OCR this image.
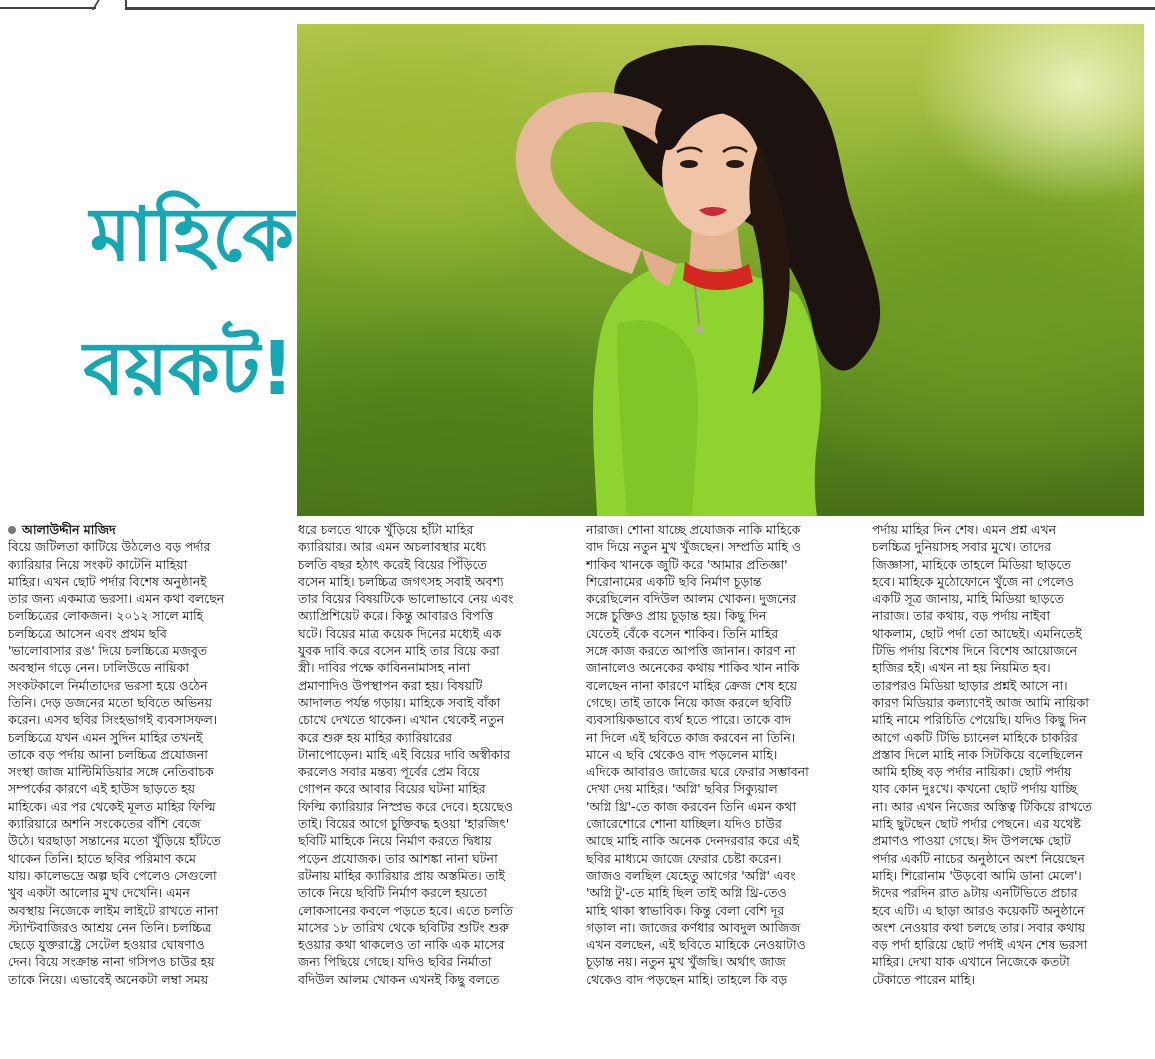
মাহিকে
বয়কট!

আলাউদ্দীন মাজিদ

বিয়ে জটিলতা কাটিয়ে উঠলেও বড় পর্দার

ক্যারিয়ার নিয়ে সংকট কাটেনি মাহিয়া

মাহির। এখন ছোট পর্দার বিশেষ অনুষ্ঠানই

তার জন্য একমাত্র ভরসা। এমন কথা বলছেন

চলচ্চিত্রের লোকজন। ২০১২ সালে মাহি

চলচ্চিত্রে আসেন এবং প্রথম ছবি

'ভালোবাসার রঙ' দিয়ে চলচ্চিত্রে মজবুত

অবস্থান গড়ে নেন। ঢালিউডে নায়িকা

সংকটকালে নির্মাতাদের ভরসা হয়ে ওঠেন

তিনি। দেড় ডজনের মতো ছবিতে অভিনয়

করেন। এসব ছবির সিংহভাগই ব্যবসাসফল।

চলচ্চিত্রে যখন এমন সুদিন মাহির তখনই

তাকে বড় পর্দায় আনা চলচ্চিত্র প্রযোজনা

সংস্থা জাজ মাল্টিমিডিয়ার সঙ্গে নেতিবাচক

সম্পর্কের কারণে এই হাউস ছাড়তে হয়

মাহিকে। এর পর থেকেই মূলত মাহির ফিল্মি

ক্যারিয়ারে অশনি সংকেতের বাঁশি বেজে

উঠে। ঘরছাড়া সন্তানের মতো খুঁড়িয়ে হাঁটতে

থাকেন তিনি। হাতে ছবির পরিমাণ কমে

যায়। কালেভদ্রে অল্প ছবি পেলেও সেগুলো

খুব একটা আলোর মুখ দেখেনি। এমন

অবস্থায় নিজেকে লাইম লাইটে রাখতে নানা

স্ট্যান্টবাজিরও আশ্রয় নেন তিনি। চলচ্চিত্র

ছেড়ে যুক্তরাষ্ট্রে সেটেল হওয়ার ঘোষণাও

দেন। বিয়ে সংক্রান্ত নানা গসিপও চাউর হয়

তাকে নিয়ে। এভাবেই অনেকটা লম্বা সময়

ধরে চলতে থাকে খুঁড়িয়ে হাঁটা মাহির

ক্যারিয়ার। আর এমন অচলাবস্থার মধ্যে

চলতি বছর হঠাৎ করেই বিয়ের পিঁড়িতে

বসেন মাহি। চলচ্চিত্র জগৎসহ সবাই অবশ্য

তার বিয়ের বিষয়টিকে ভালোভাবে নেয় এবং

অ্যাপ্রিশিয়েট করে। কিন্তু আবারও বিপত্তি

ঘটে। বিয়ের মাত্র কয়েক দিনের মধ্যেই এক

যুবক দাবি করে বসেন মাহি তার বিয়ে করা

স্ত্রী। দাবির পক্ষে কাবিননামাসহ নানা

প্রমাণাদিও উপস্থাপন করা হয়। বিষয়টি

আদালত পর্যন্ত গড়ায়। মাহিকে সবাই বাঁকা

চোখে দেখতে থাকেন। এখান থেকেই নতুন

করে শুরু হয় মাহির ক্যারিয়ারের

টানাপোড়েন। মাহি এই বিয়ের দাবি অস্বীকার

করলেও সবার মন্তব্য পূর্বের প্রেম বিয়ে

গোপন করে আবার বিয়ের ঘটনা মাহির

ফিল্মি ক্যারিয়ার নিস্প্রভ করে দেবে। হয়েছেও

তাই। বিয়ের আগে চুক্তিবদ্ধ হওয়া 'হারজিৎ'

ছবিটি মাহিকে নিয়ে নির্মাণ করতে দ্বিধায়

পড়েন প্রযোজক। তার আশঙ্কা নানা ঘটনা

রটনায় মাহির ক্যারিয়ার প্রায় অস্তমিত। তাই

তাকে নিয়ে ছবিটি নির্মাণ করলে হয়তো

লোকসানের কবলে পড়তে হবে। এতে চলতি

মাসের ১৮ তারিখ থেকে ছবিটির শুটিং শুরু

হওয়ার কথা থাকলেও তা নাকি এক মাসের

জন্য পিছিয়ে গেছে। যদিও ছবির নির্মাতা

বদিউল আলম খোকন এখনই কিছু বলতে

নারাজ। শোনা যাচ্ছে প্রযোজক নাকি মাহিকে

বাদ দিয়ে নতুন মুখ খুঁজছেন। সম্প্রতি মাহি ও

শাকিব খানকে জুটি করে 'আমার প্রতিজ্ঞা'

শিরোনামের একটি ছবি নির্মাণ চূড়ান্ত

করেছিলেন বদিউল আলম খোকন। দুজনের

সঙ্গে চুক্তিও প্রায় চূড়ান্ত হয়। কিছু দিন

যেতেই বেঁকে বসেন শাকিব। তিনি মাহির

সঙ্গে কাজ করতে আপত্তি জানান। কারণ না

জানালেও অনেকের কথায় শাকিব খান নাকি

বলেছেন নানা কারণে মাহির ক্রেজ শেষ হয়ে

গেছে। তাই তাকে নিয়ে কাজ করলে ছবিটি

ব্যবসায়িকভাবে ব্যর্থ হতে পারে। তাকে বাদ

না দিলে এই ছবিতে কাজ করবেন না তিনি।

মানে এ ছবি থেকেও বাদ পড়লেন মাহি।

এদিকে আবারও জাজের ঘরে ফেরার সম্ভাবনা

দেখা দেয় মাহির। 'অগ্নি' ছবির সিক্যুয়াল

'অগ্নি থ্রি'-তে কাজ করবেন তিনি এমন কথা

জোরেশোরে শোনা যাচ্ছিল। যদিও চাউর

আছে মাহি নাকি অনেক দেনদরবার করে এই

ছবির মাধ্যমে জাজে ফেরার চেষ্টা করেন।

জাজও বলছিল যেহেতু আগের 'অগ্নি' এবং

'অগ্নি টু'-তে মাহি ছিল তাই অগ্নি থ্রি-তেও

মাহি থাকা স্বাভাবিক। কিন্তু বেলা বেশি দূর

গড়াল না। জাজের কর্ণধার আবদুল আজিজ

এখন বলছেন, এই ছবিতে মাহিকে নেওয়াটাও

চূড়ান্ত নয়। নতুন মুখ খুঁজছি। অর্থাৎ জাজ

থেকেও বাদ পড়ছেন মাহি। তাহলে কি বড়

পর্দায় মাহির দিন শেষ। এমন প্রশ্ন এখন

চলচ্চিত্র দুনিয়াসহ সবার মুখে। তাদের

জিজ্ঞাসা, মাহিকে তাহলে মিডিয়া ছাড়তে

হবে। মাহিকে মুঠোফোনে খুঁজে না পেলেও

একটি সূত্র জানায়, মাহি মিডিয়া ছাড়তে

নারাজ। তার কথায়, বড় পর্দায় নাইবা

থাকলাম, ছোট পর্দা তো আছেই। এমনিতেই

টিভি পর্দায় বিশেষ দিনে বিশেষ আয়োজনে

হাজির হই। এখন না হয় নিয়মিত হব।

তারপরও মিডিয়া ছাড়ার প্রশ্নই আসে না।

কারণ মিডিয়ার কল্যাণেই আজ আমি নায়িকা

মাহি নামে পরিচিতি পেয়েছি। যদিও কিছু দিন

আগে একটি টিভি চ্যানেল মাহিকে চাকরির

প্রস্তাব দিলে মাহি নাক সিটকিয়ে বলেছিলেন

আমি হচ্ছি বড় পর্দার নায়িকা। ছোট পর্দায়

যাব কোন দুঃখে। কখনো ছোট পর্দায় যাচ্ছি

না। আর এখন নিজের অস্তিত্ব টিকিয়ে রাখতে

মাহি ছুটছেন ছোট পর্দার পেছনে। এর যথেষ্ট

প্রমাণও পাওয়া গেছে। ঈদ উপলক্ষে ছোট

পর্দার একটি নাচের অনুষ্ঠানে অংশ নিয়েছেন

মাহি। শিরোনাম 'উড়বো আমি ডানা মেলে'।

ঈদের পরদিন রাত ৯টায় এনটিভিতে প্রচার

হবে এটি। এ ছাড়া আরও কয়েকটি অনুষ্ঠানে

অংশ নেওয়ার কথা চলছে তার। সবার কথায়

বড় পর্দা হারিয়ে ছোট পর্দাই এখন শেষ ভরসা

মাহির। দেখা যাক এখানে নিজেকে কতটা

টেকাতে পারেন মাহি।
